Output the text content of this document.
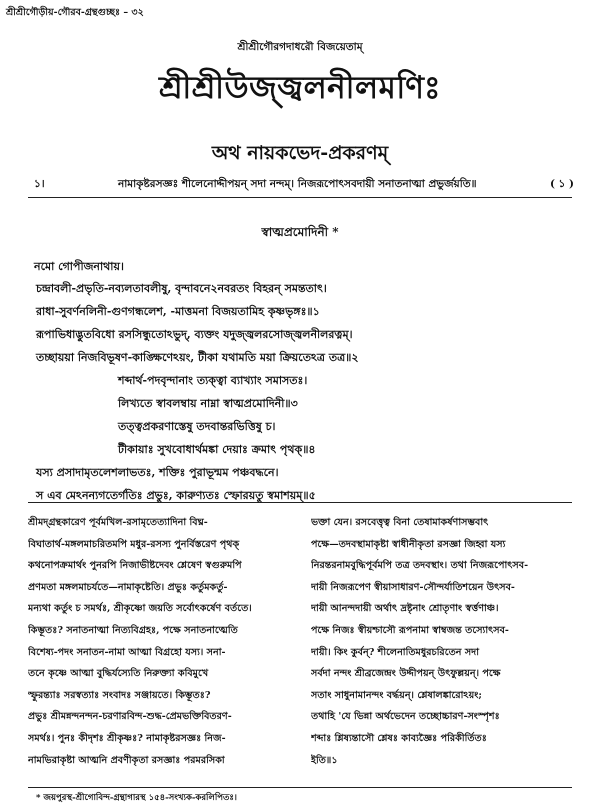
শ্রীশ্রীগৌড়ীয়-গৌরব-গ্রন্থগুচ্ছঃ – ৩২
শ্রীশ্রীগৌরগদাধরৌ বিজয়েতাম্
শ্রীশ্রীউজ্জ্বলনীলমণিঃ
অথ নায়কভেদ-প্রকরণম্
১।	নামাকৃষ্টরসজ্ঞঃ শীলেনোদ্দীপয়ন্ সদা নন্দম্। নিজরূপোৎসবদায়ী সনাতনাত্মা প্রভুর্জয়তি॥	( ১ )
স্বাত্মপ্রমোদিনী *
নমো গোপীজনাথায়।
চন্দ্রাবলী-প্রভৃতি-নব্যলতাবলীষু, বৃন্দাবনে২নবরতং বিহরন্ সমন্ততাৎ।
রাধা-সুবর্ণনলিনী-গুণগন্ধলেশ, -মাত্তমনা বিজয়তামিহ কৃষ্ণভৃঙ্গঃ॥১
রূপাভিধাদ্ভুতবিধো রসসিন্ধুতোঽভুদ্, ব্যক্তং যদুজ্জ্বলরসোজ্জ্বলনীলরত্নম্।
তচ্ছায়য়া নিজবিভূষণ-কাঙ্ক্ষিণেঽয়ং, টীকা যথামতি ময়া ক্রিয়তেঽত্র তত্র॥২
শব্দার্থ-পদবৃন্দানাং ত্যক্ত্বা ব্যাখ্যাং সমাসতঃ।
লিখ্যতে স্বাবলম্বায় নাম্না স্বাত্মপ্রমোদিনী॥৩
তত্ত্বপ্রকরণাস্তেষু তদবান্তরভিত্তিষু চ।
টীকায়াঃ সুখবোধার্থমঙ্কা দেয়াঃ ক্রমাৎ পৃথক্॥৪
যস্য প্রসাদামৃতলেশলাভতঃ, শক্তিঃ পুরাভূন্মম পঞ্চবদ্ধনে।
স এব মেঽনন্যগতের্গতিঃ প্রভুঃ, কারুণ্যতঃ স্ফোরয়তু স্বমাশয়ম্॥৫
শ্রীমদ্গ্রন্থকারেণ পূর্বমখিল-রসামৃতেত্যাদিনা বিঘ্ন-
বিঘাতার্থ-মঙ্গলমাচরিতমপি মধুর-রসস্য পুনর্বিস্তরেণ পৃথক্
কথনোপক্রমার্থং পুনরপি নিজাভীষ্টদেবং শ্লেষেণ স্বগুরুমপি
প্রণমতা মঙ্গলমাচর্যতে—নামাকৃষ্টেতি। প্রভুঃ কর্তুমকর্তু-
মন্যথা কর্তুং চ সমর্থঃ, শ্রীকৃষ্ণো জয়তি সর্বোৎকর্ষেণ বর্ততে।
কিম্ভূতঃ? সনাতনাত্মা নিত্যবিগ্রহঃ, পক্ষে সনাতনাত্মেতি
বিশেষ্য-পদং সনাতন-নামা আত্মা বিগ্রহো যস্য। সনা-
তনে কৃষ্ণে আত্মা বুদ্ধির্যস্যেতি নিরুক্ত্যা কবিমুখে
স্ফুরন্ত্যাঃ সরস্বত্যাঃ সংবাদঃ সঞ্জায়তে। কিম্ভূতঃ?
প্রভুঃ শ্রীমন্নন্দনন্দন-চরণারবিন্দ-শুদ্ধ-প্রেমভক্তিবিতরণ-
সমর্থঃ। পুনঃ কীদৃশঃ শ্রীকৃষ্ণঃ? নামাকৃষ্টরসজ্ঞঃ নিজ-
নামভিরাকৃষ্টা আত্মনি প্রবণীকৃতা রসজ্ঞাঃ পরমরসিকা
ভক্তা যেন। রসবেত্তৃত্ব বিনা তেষামাকর্ষণাসম্ভবাৎ
পক্ষে—তদবস্থামাকৃষ্টা স্বাধীনীকৃতা রসজ্ঞা জিহ্বা যস্য
নিরন্তরনামবুদ্ধিপূর্বমপি তত্র তদবস্থাং। তথা নিজরূপোৎসব-
দায়ী নিজরূপেণ স্বীয়াসাধারণ-সৌন্দর্যাতিশয়েন উৎসব-
দায়ী আনন্দদায়ী অর্থাৎ দ্রষ্টৃনাং শ্রোতৃণাং স্বর্ত্তণাঞ্চ।
পক্ষে নিজঃ স্বীয়শ্চাসৌ রূপনামা স্বাম্বজন্ত তস্যোৎসব-
দায়ী। কিং কুর্বন্? শীলেনাতিমধুরচরিতেন সদা
সর্বদা নন্দং শ্রীব্রজেন্দ্রং উদ্দীপয়ন্ উৎফুল্লয়ন্। পক্ষে
সতাং সাধুনামানন্দং বর্দ্ধয়ন্। শ্লেষালঙ্কারোঽয়ং;
তথাহি 'যে ভিন্না অর্থভেদেন তচ্ছোচ্চারণ-সংস্পৃশঃ
শব্দাঃ শ্লিষ্যন্তাসৌ শ্লেষঃ কাব্যজ্ঞৈঃ পরিকীর্তিতঃ
ইতি॥১
* জয়পুরস্থ-শ্রীগোবিন্দ-গ্রন্থাগারস্থ ১৫৪-সংখ্যক-করলিপিতঃ।
